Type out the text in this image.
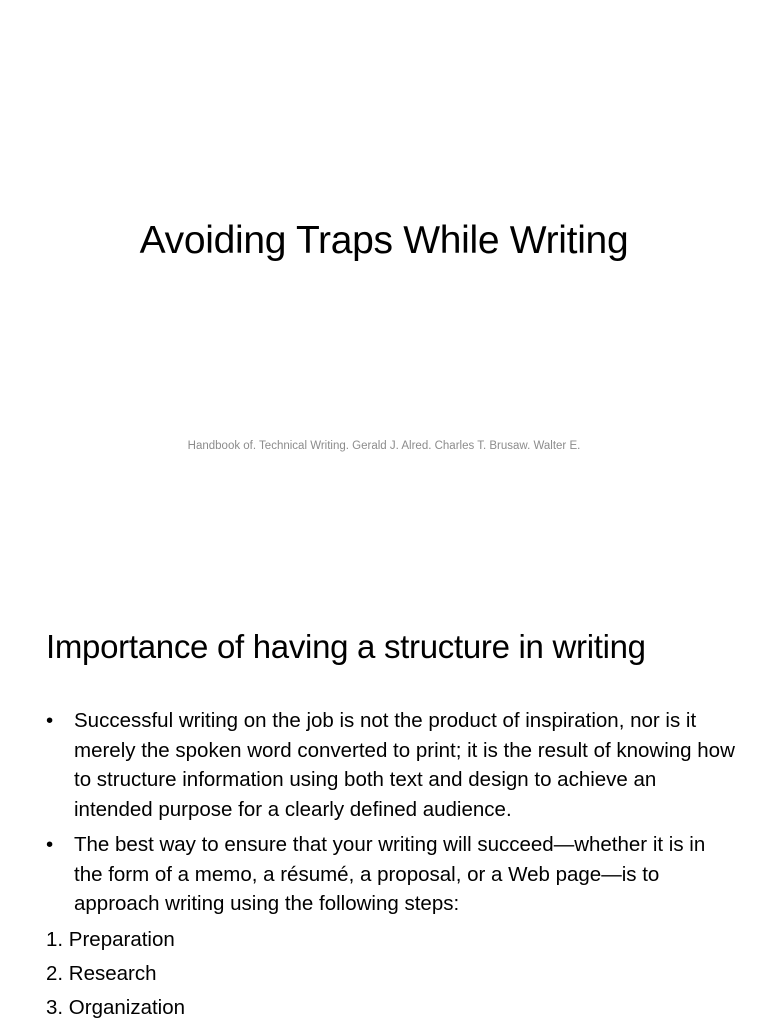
Avoiding Traps While Writing

Handbook of. Technical Writing. Gerald J. Alred. Charles T. Brusaw. Walter E.

Importance of having a structure in writing
• Successful writing on the job is not the product of inspiration, nor is it merely the spoken word converted to print; it is the result of knowing how to structure information using both text and design to achieve an intended purpose for a clearly defined audience.
• The best way to ensure that your writing will succeed—whether it is in the form of a memo, a résumé, a proposal, or a Web page—is to approach writing using the following steps:
1. Preparation
2. Research
3. Organization
